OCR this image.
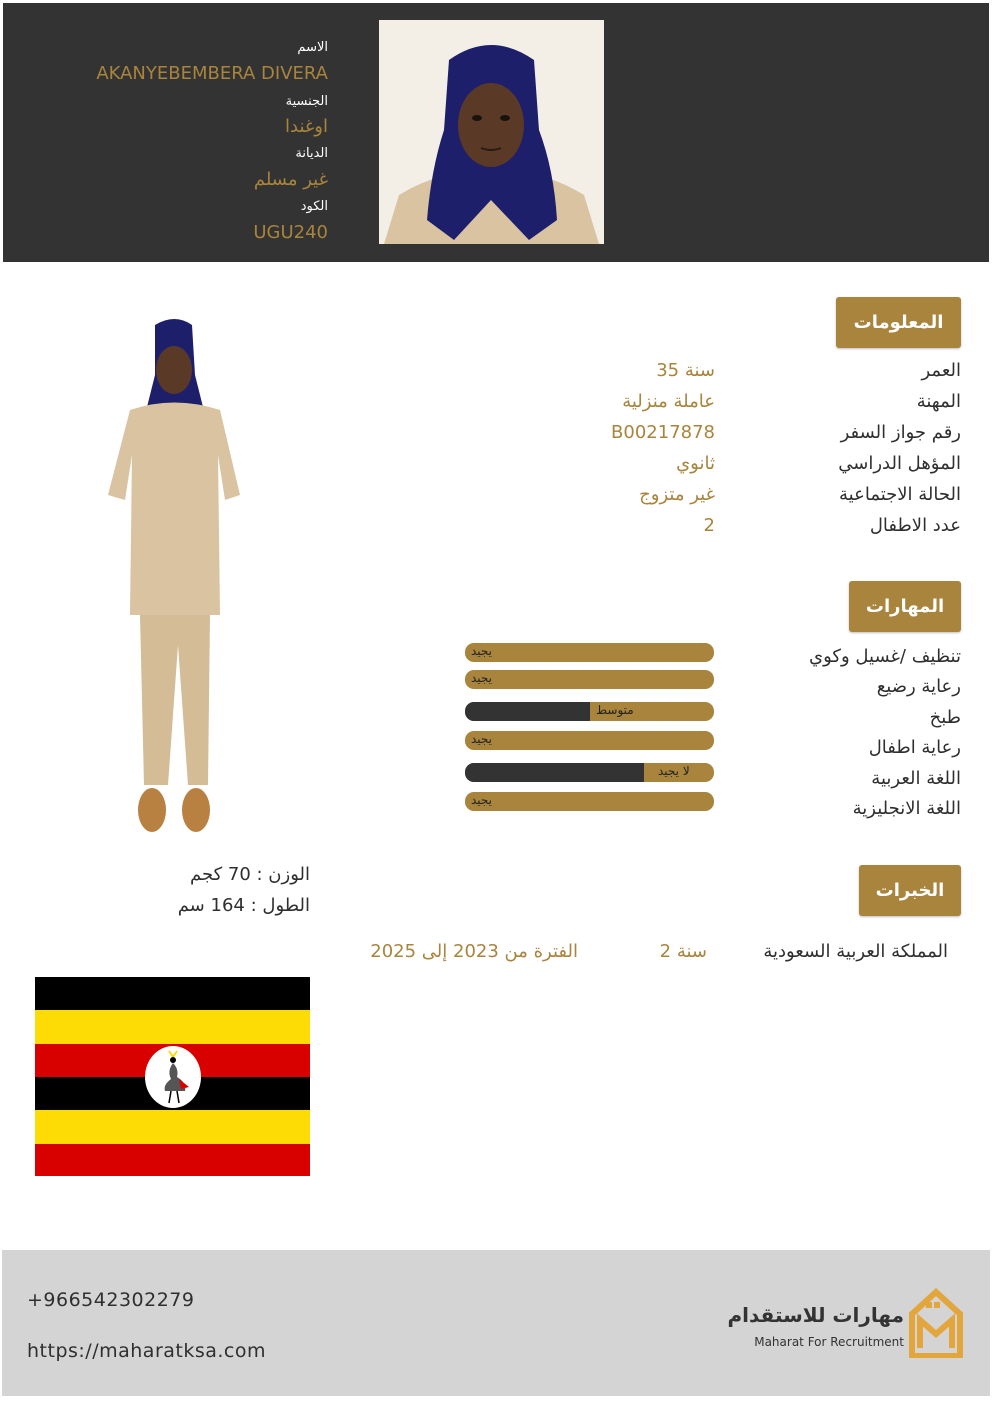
الاسم
AKANYEBEMBERA DIVERA
الجنسية
اوغندا
الديانة
غير مسلم
الكود
UGU240
المعلومات
العمر
35 سنة
المهنة
عاملة منزلية
رقم جواز السفر
B00217878
المؤهل الدراسي
ثانوي
الحالة الاجتماعية
غير متزوج
عدد الاطفال
2
المهارات
تنظيف /غسيل وكوي
يجيد
رعاية رضيع
يجيد
طبخ
متوسط
رعاية اطفال
يجيد
اللغة العربية
لا يجيد
اللغة الانجليزية
يجيد
الخبرات
المملكة العربية السعودية
2 سنة
الفترة من 2023 إلى 2025
الوزن : 70 كجم
الطول : 164 سم
+966542302279
https://maharatksa.com
مهارات للاستقدام
Maharat For Recruitment
